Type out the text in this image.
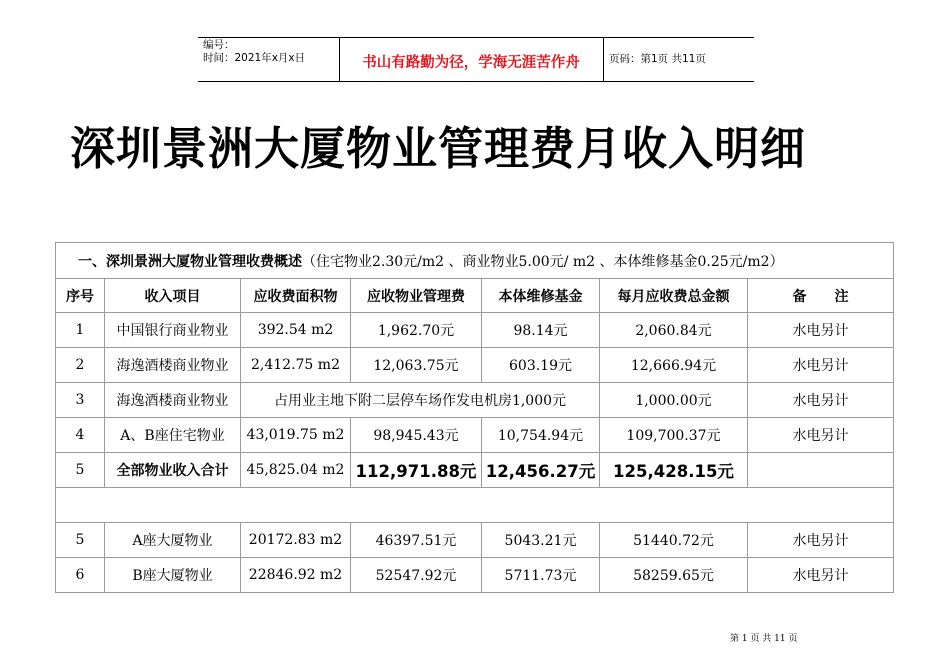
编号：
时间：2021年x月x日	书山有路勤为径，学海无涯苦作舟	页码：第1页 共11页
深圳景洲大厦物业管理费月收入明细
一、深圳景洲大厦物业管理收费概述（住宅物业2.30元/m2 、商业物业5.00元/ m2 、本体维修基金0.25元/m2）						
序号	收入项目	应收费面积物	应收物业管理费	本体维修基金	每月应收费总金额	备　　注
1	中国银行商业物业	392.54 m2	1,962.70元	98.14元	2,060.84元	水电另计
2	海逸酒楼商业物业	2,412.75 m2	12,063.75元	603.19元	12,666.94元	水电另计
3	海逸酒楼商业物业	占用业主地下附二层停车场作发电机房1,000元			1,000.00元	水电另计
4	A、B座住宅物业	43,019.75 m2	98,945.43元	10,754.94元	109,700.37元	水电另计
5	全部物业收入合计	45,825.04 m2	112,971.88元	12,456.27元	125,428.15元	

5	A座大厦物业	20172.83 m2	46397.51元	5043.21元	51440.72元	水电另计
6	B座大厦物业	22846.92 m2	52547.92元	5711.73元	58259.65元	水电另计
第 1 页 共 11 页
